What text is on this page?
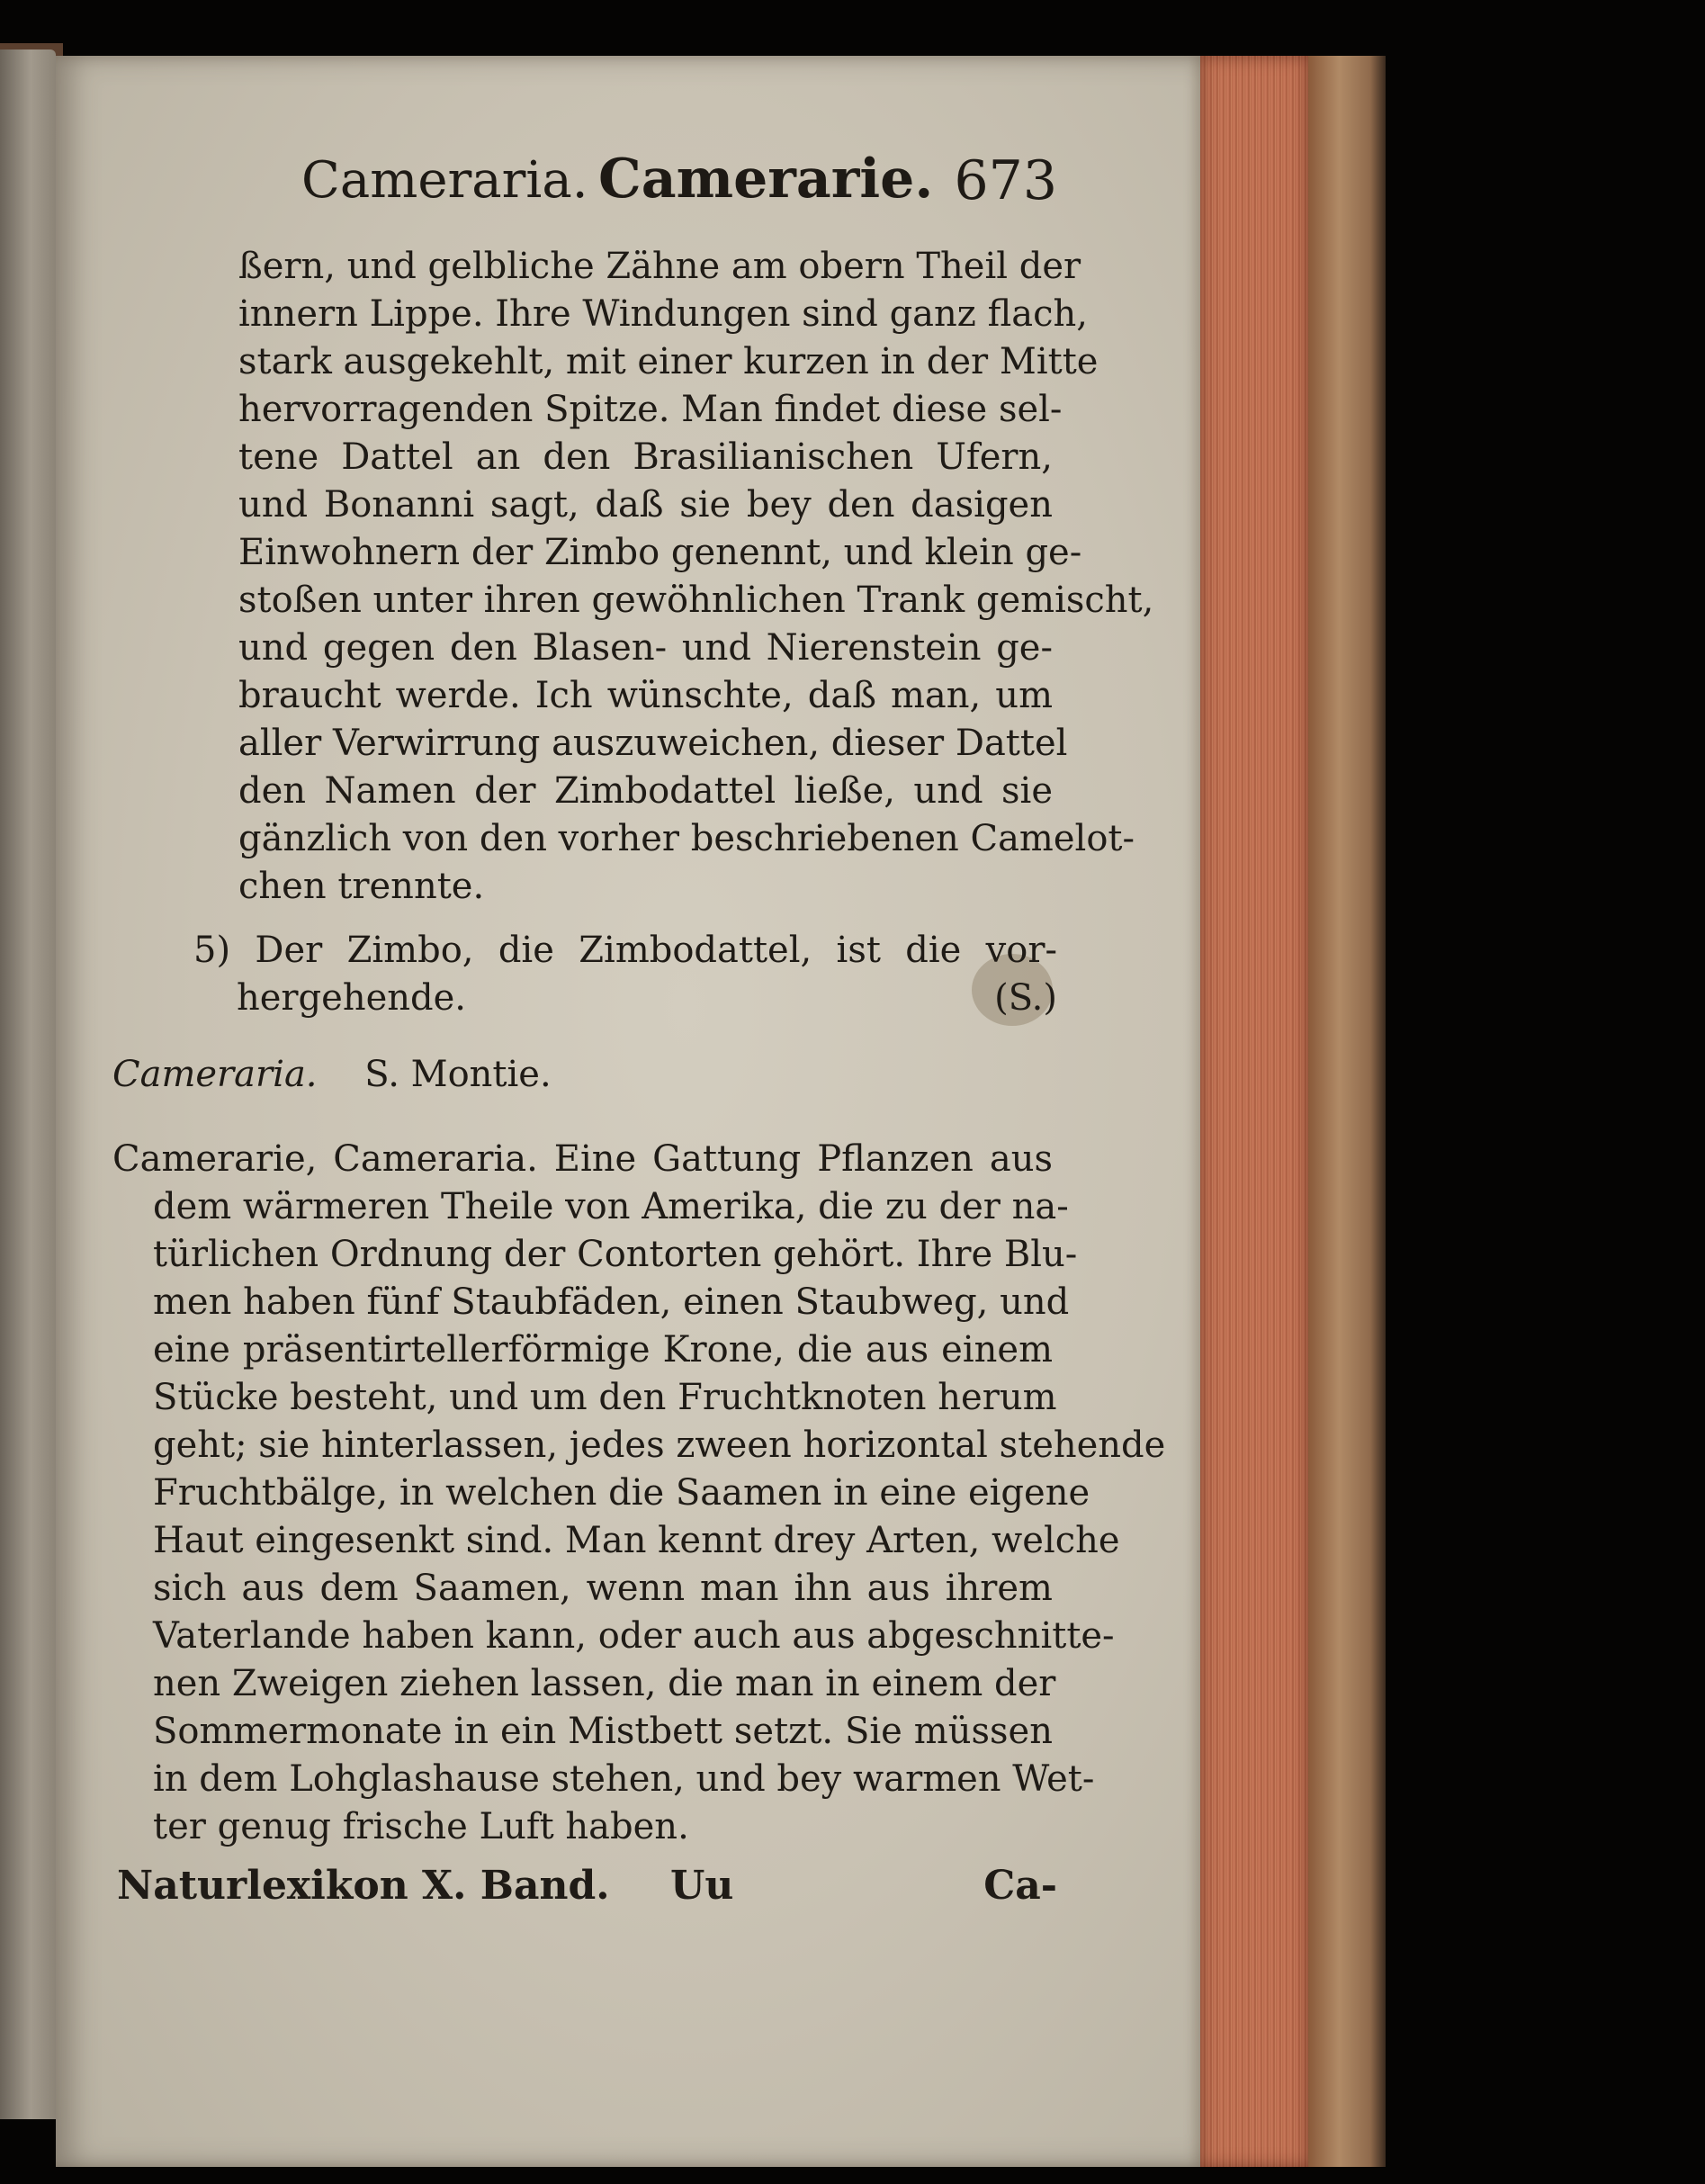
Cameraria. Camerarie. 673
ßern, und gelbliche Zähne am obern Theil der
innern Lippe. Ihre Windungen sind ganz flach,
stark ausgekehlt, mit einer kurzen in der Mitte
hervorragenden Spitze. Man findet diese sel-
tene Dattel an den Brasilianischen Ufern,
und Bonanni sagt, daß sie bey den dasigen
Einwohnern der Zimbo genennt, und klein ge-
stoßen unter ihren gewöhnlichen Trank gemischt,
und gegen den Blasen- und Nierenstein ge-
braucht werde. Ich wünschte, daß man, um
aller Verwirrung auszuweichen, dieser Dattel
den Namen der Zimbodattel ließe, und sie
gänzlich von den vorher beschriebenen Camelot-
chen trennte.
5) Der Zimbo, die Zimbodattel, ist die vor-
hergehende.	(S.)
Cameraria. S. Montie.
Camerarie, Cameraria. Eine Gattung Pflanzen aus
dem wärmeren Theile von Amerika, die zu der na-
türlichen Ordnung der Contorten gehört. Ihre Blu-
men haben fünf Staubfäden, einen Staubweg, und
eine präsentirtellerförmige Krone, die aus einem
Stücke besteht, und um den Fruchtknoten herum
geht; sie hinterlassen, jedes zween horizontal stehende
Fruchtbälge, in welchen die Saamen in eine eigene
Haut eingesenkt sind. Man kennt drey Arten, welche
sich aus dem Saamen, wenn man ihn aus ihrem
Vaterlande haben kann, oder auch aus abgeschnitte-
nen Zweigen ziehen lassen, die man in einem der
Sommermonate in ein Mistbett setzt. Sie müssen
in dem Lohglashause stehen, und bey warmen Wet-
ter genug frische Luft haben.
Naturlexikon X. Band. Uu	Ca-
